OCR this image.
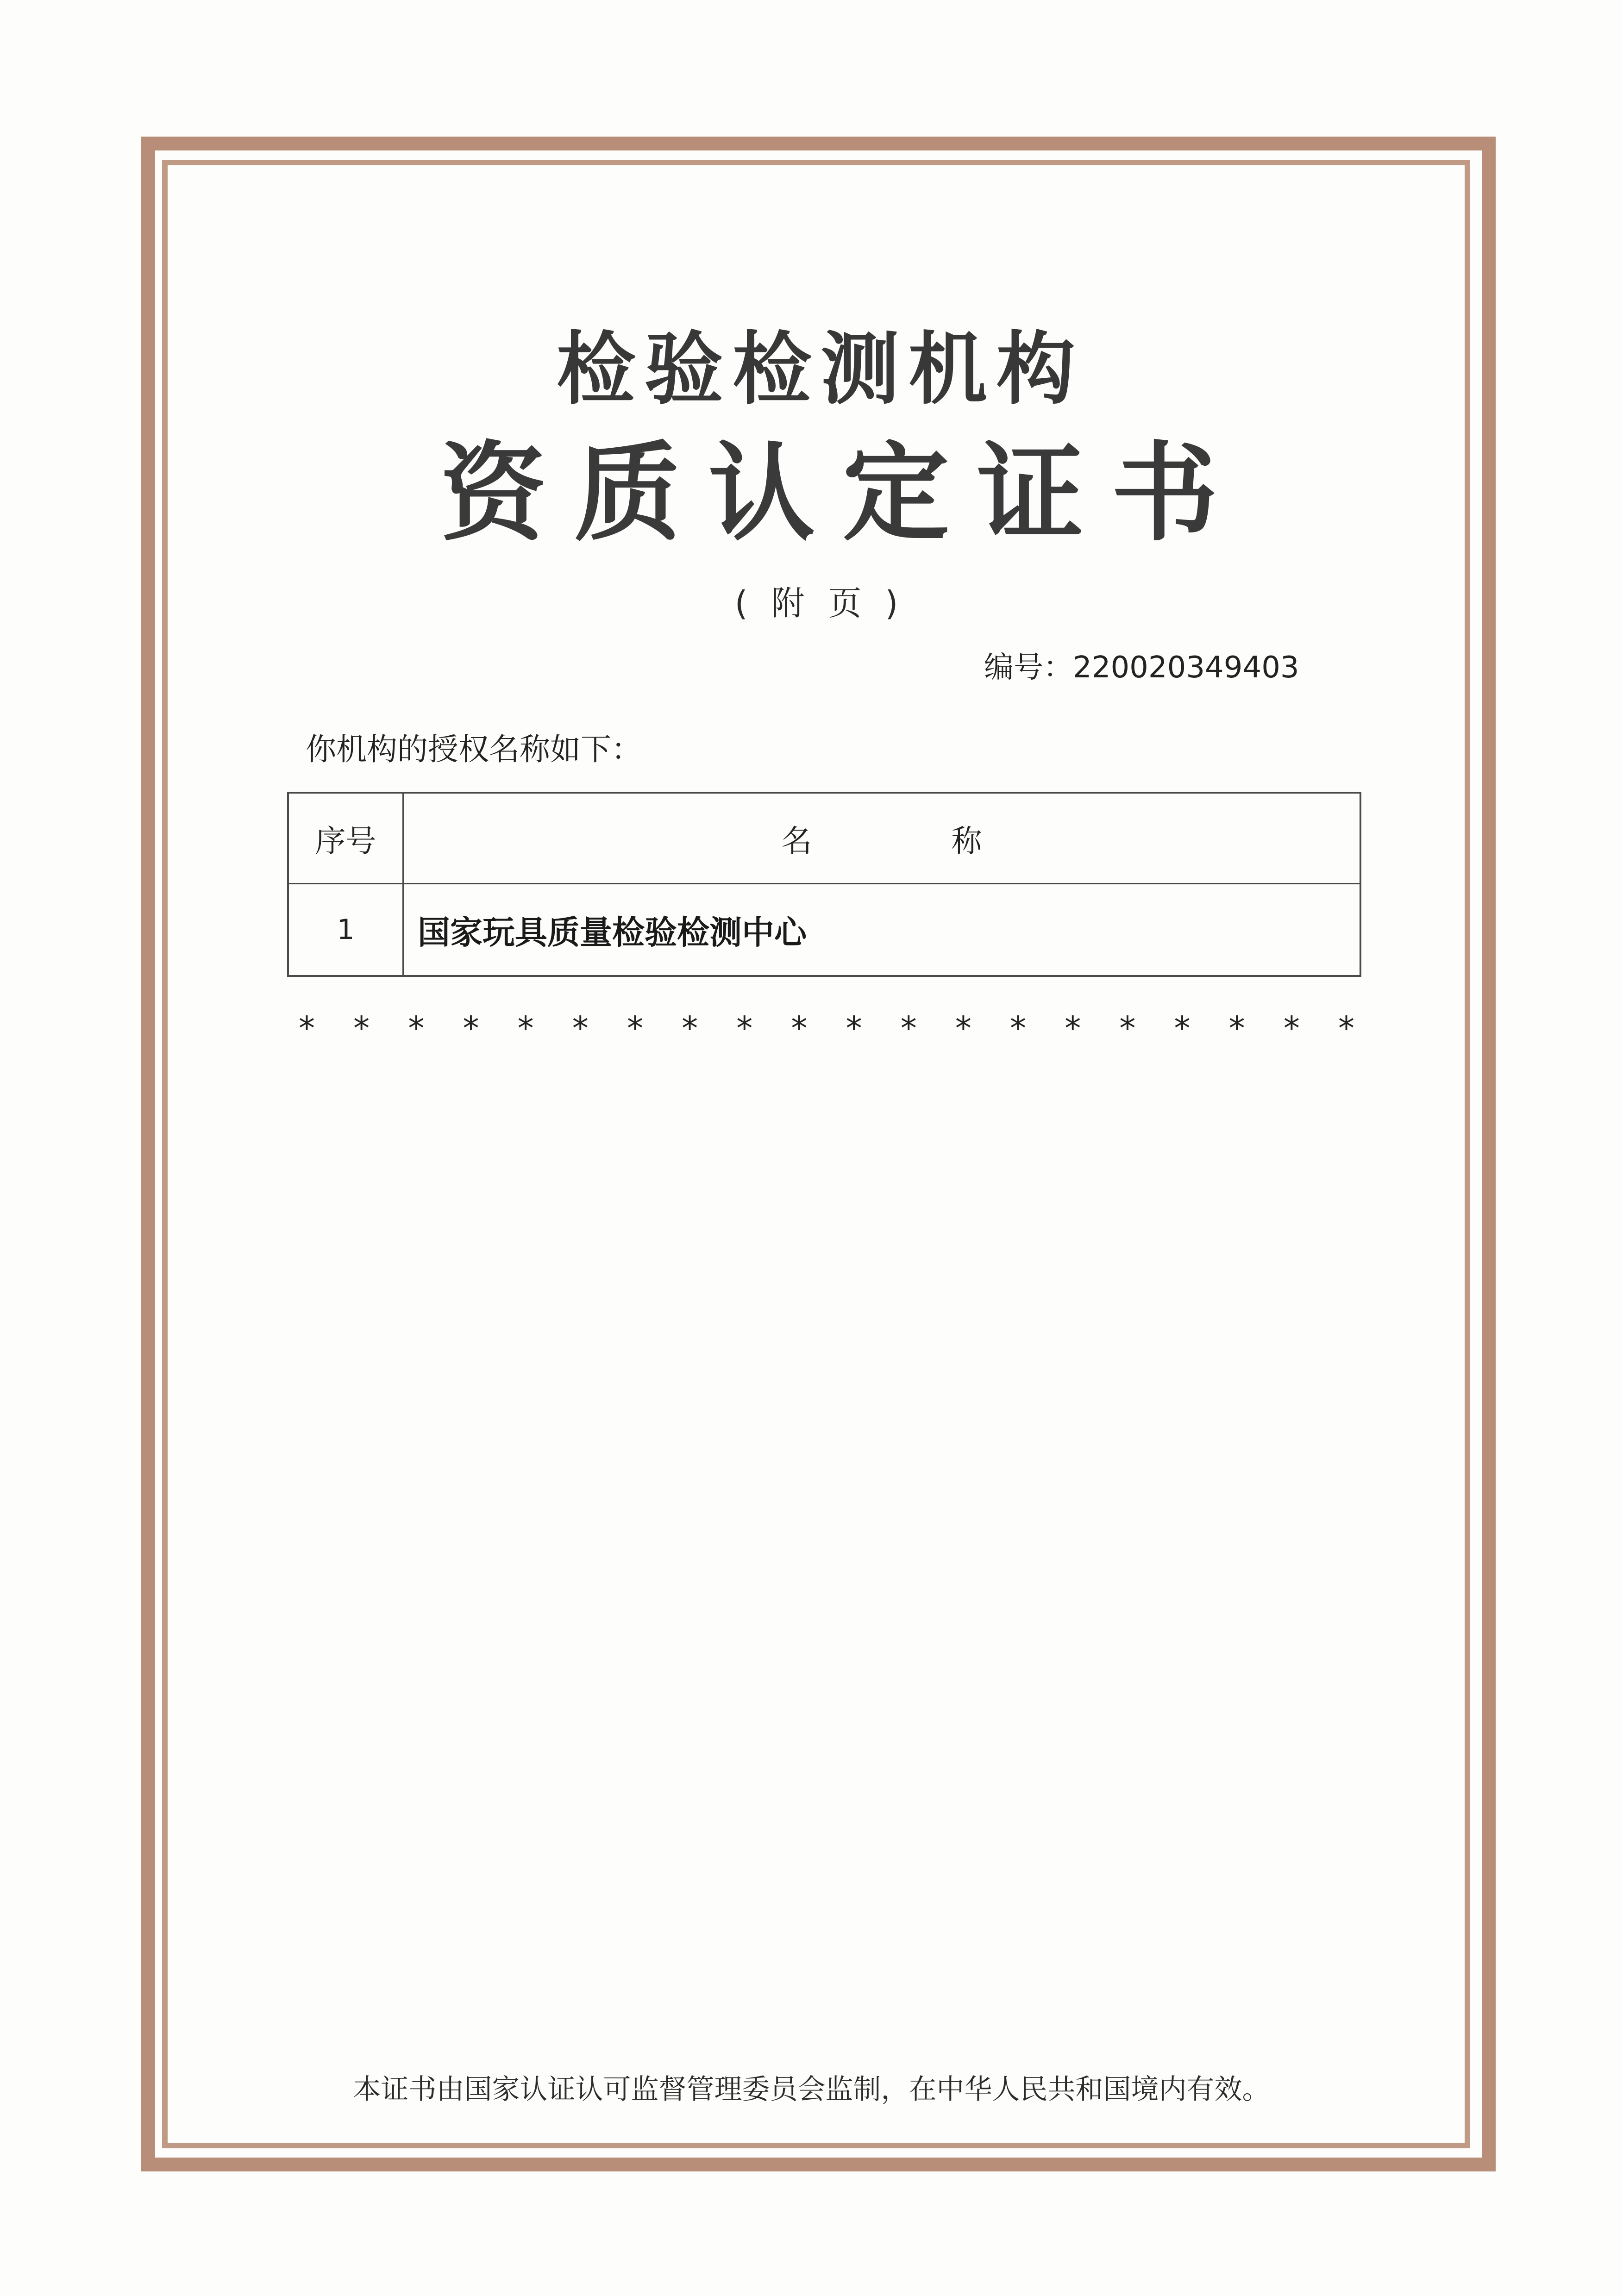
检验检测机构
资质认定证书
( 附 页 )
编号：220020349403
你机构的授权名称如下：
序号	名 称
1 国家玩具质量检验检测中心
* * * * * * * * * * * * * * * * * * * *
本证书由国家认证认可监督管理委员会监制，在中华人民共和国境内有效。
